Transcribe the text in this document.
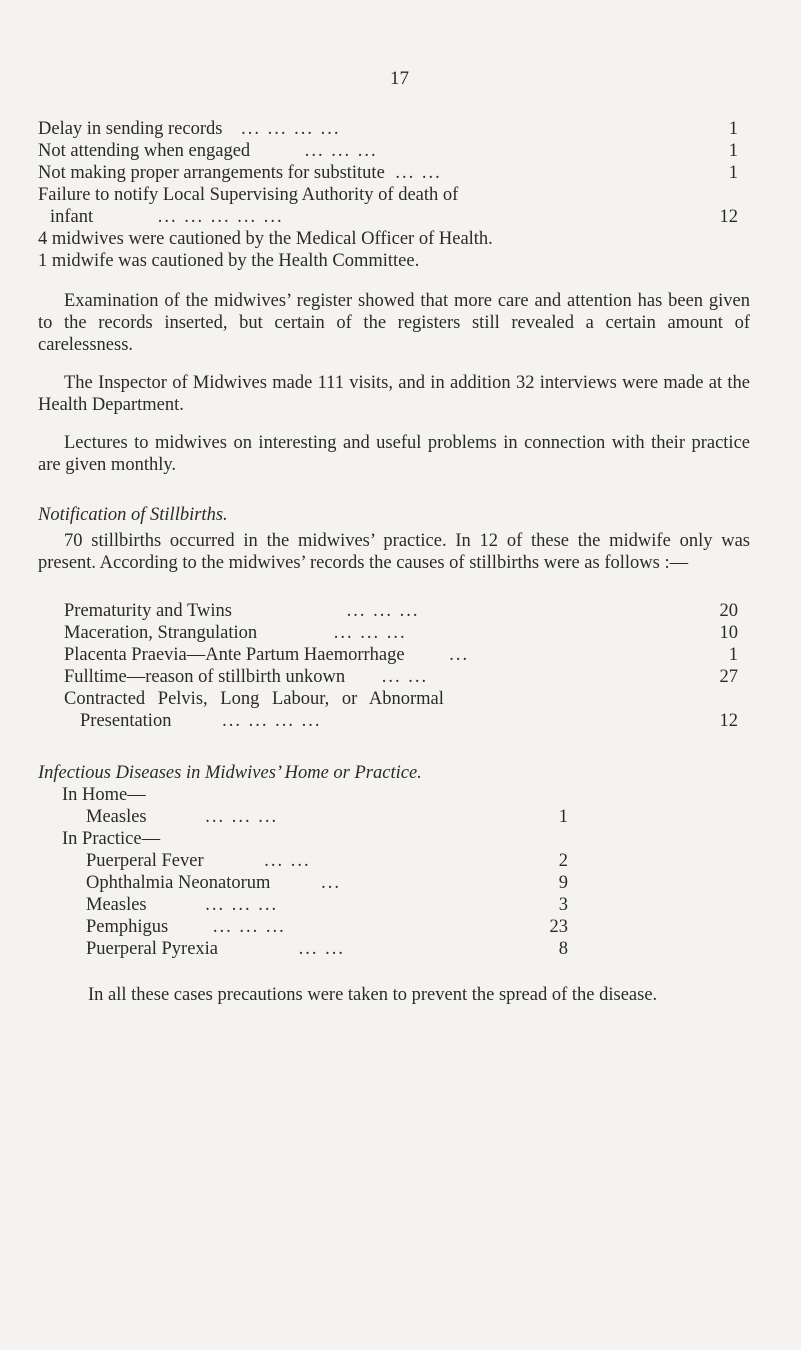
17
Delay in sending records ... ... ... ...	1
Not attending when engaged	... ... ...	1
Not making proper arrangements for substitute ... ...	1
Failure to notify Local Supervising Authority of death of
infant	... ... ... ... ...	12
4 midwives were cautioned by the Medical Officer of Health.
1 midwife was cautioned by the Health Committee.
Examination of the midwives’ register showed that more care and attention has been given to the records inserted, but certain of the registers still revealed a certain amount of carelessness.
The Inspector of Midwives made 111 visits, and in addition 32 interviews were made at the Health Department.
Lectures to midwives on interesting and useful problems in connection with their practice are given monthly.
Notification of Stillbirths.
70 stillbirths occurred in the midwives’ practice. In 12 of these the midwife only was present. According to the midwives’ records the causes of stillbirths were as follows :—
Prematurity and Twins	... ... ...	20
Maceration, Strangulation	... ... ...	10
Placenta Praevia—Ante Partum Haemorrhage ...	1
Fulltime—reason of stillbirth unkown ... ...	27
Contracted Pelvis, Long Labour, or Abnormal
Presentation	... ... ... ...	12
Infectious Diseases in Midwives’ Home or Practice.
In Home—
Measles	... ... ...	1
In Practice—
Puerperal Fever	... ...	2
Ophthalmia Neonatorum	...	9
Measles	... ... ...	3
Pemphigus ... ... ...	23
Puerperal Pyrexia	... ...	8
In all these cases precautions were taken to prevent the spread of the disease.
